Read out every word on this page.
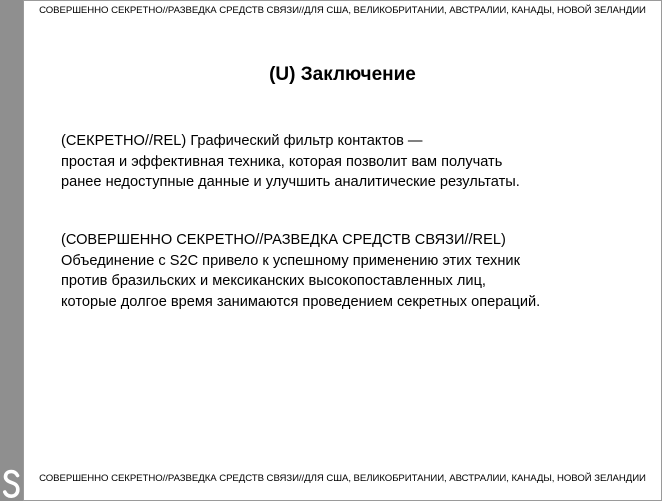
СОВЕРШЕННО СЕКРЕТНО//РАЗВЕДКА СРЕДСТВ СВЯЗИ//ДЛЯ США, ВЕЛИКОБРИТАНИИ, АВСТРАЛИИ, КАНАДЫ, НОВОЙ ЗЕЛАНДИИ
(U) Заключение
(СЕКРЕТНО//REL) Графический фильтр контактов —
простая и эффективная техника, которая позволит вам получать
ранее недоступные данные и улучшить аналитические результаты.
(СОВЕРШЕННО СЕКРЕТНО//РАЗВЕДКА СРЕДСТВ СВЯЗИ//REL)
Объединение с S2C привело к успешному применению этих техник
против бразильских и мексиканских высокопоставленных лиц,
которые долгое время занимаются проведением секретных операций.
СОВЕРШЕННО СЕКРЕТНО//РАЗВЕДКА СРЕДСТВ СВЯЗИ//ДЛЯ США, ВЕЛИКОБРИТАНИИ, АВСТРАЛИИ, КАНАДЫ, НОВОЙ ЗЕЛАНДИИ
